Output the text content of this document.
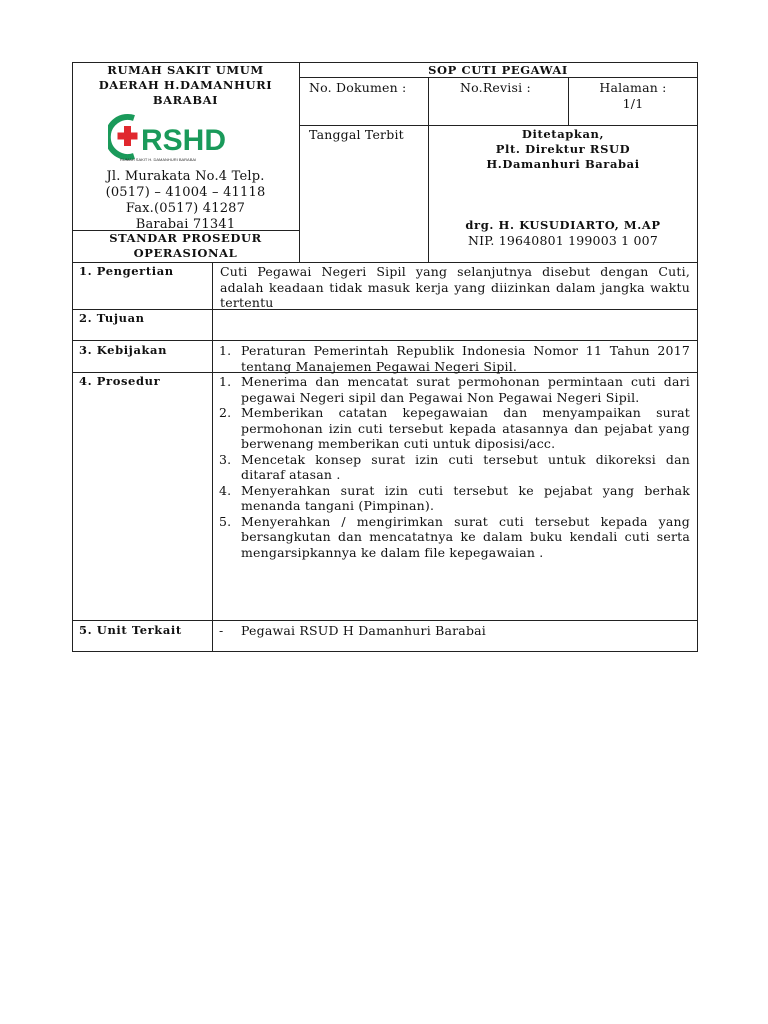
RUMAH SAKIT UMUM
DAERAH H.DAMANHURI
BARABAI
RSHD
RUMAH SAKIT H. DAMANHURI BARABAI
Jl. Murakata No.4 Telp.
(0517) – 41004 – 41118
Fax.(0517) 41287
Barabai 71341
STANDAR PROSEDUR
OPERASIONAL
SOP CUTI PEGAWAI
No. Dokumen :	No.Revisi :	Halaman :
1/1
Tanggal Terbit	Ditetapkan,
Plt. Direktur RSUD
H.Damanhuri Barabai
drg. H. KUSUDIARTO, M.AP
NIP. 19640801 199003 1 007
1. Pengertian	Cuti Pegawai Negeri Sipil yang selanjutnya disebut dengan Cuti, adalah keadaan tidak masuk kerja yang diizinkan dalam jangka waktu tertentu
2. Tujuan
3. Kebijakan	1. Peraturan Pemerintah Republik Indonesia Nomor 11 Tahun 2017 tentang Manajemen Pegawai Negeri Sipil.
4. Prosedur	1. Menerima dan mencatat surat permohonan permintaan cuti dari pegawai Negeri sipil dan Pegawai Non Pegawai Negeri Sipil.
2. Memberikan catatan kepegawaian dan menyampaikan surat permohonan izin cuti tersebut kepada atasannya dan pejabat yang berwenang memberikan cuti untuk diposisi/acc.
3. Mencetak konsep surat izin cuti tersebut untuk dikoreksi dan ditaraf atasan .
4. Menyerahkan surat izin cuti tersebut ke pejabat yang berhak menanda tangani (Pimpinan).
5. Menyerahkan / mengirimkan surat cuti tersebut kepada yang bersangkutan dan mencatatnya ke dalam buku kendali cuti serta mengarsipkannya ke dalam file kepegawaian .
5. Unit Terkait	- Pegawai RSUD H Damanhuri Barabai
